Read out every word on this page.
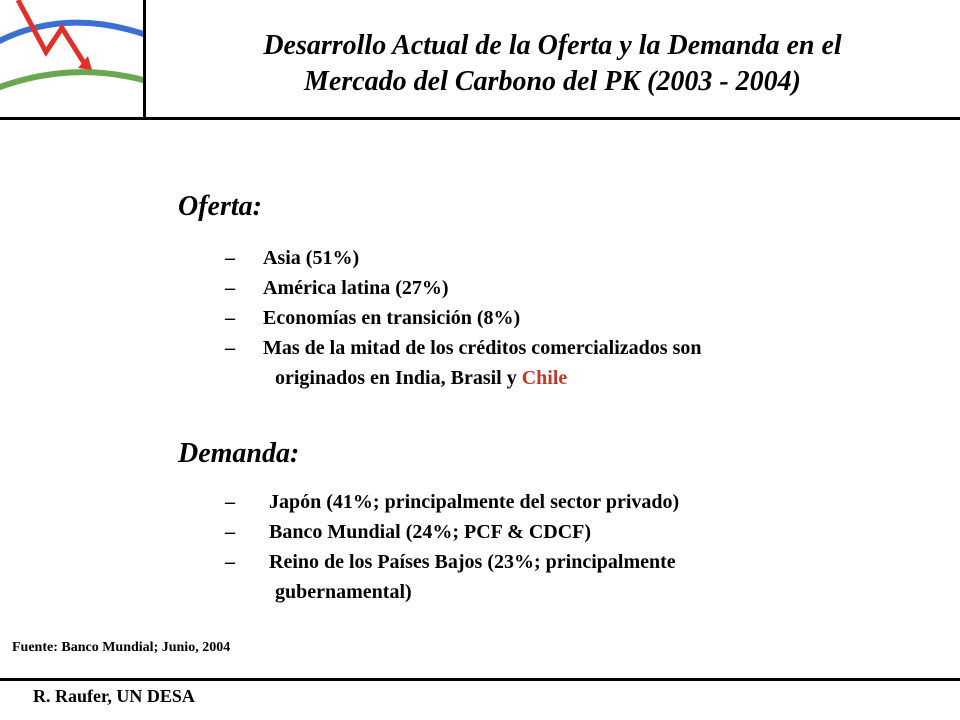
Desarrollo Actual de la Oferta y la Demanda en el
Mercado del Carbono del PK (2003 - 2004)
Oferta:
– Asia (51%)
– América latina (27%)
– Economías en transición (8%)
– Mas de la mitad de los créditos comercializados son
originados en India, Brasil y Chile
Demanda:
– Japón (41%; principalmente del sector privado)
– Banco Mundial (24%; PCF & CDCF)
– Reino de los Países Bajos (23%; principalmente
gubernamental)
Fuente: Banco Mundial; Junio, 2004
R. Raufer, UN DESA
